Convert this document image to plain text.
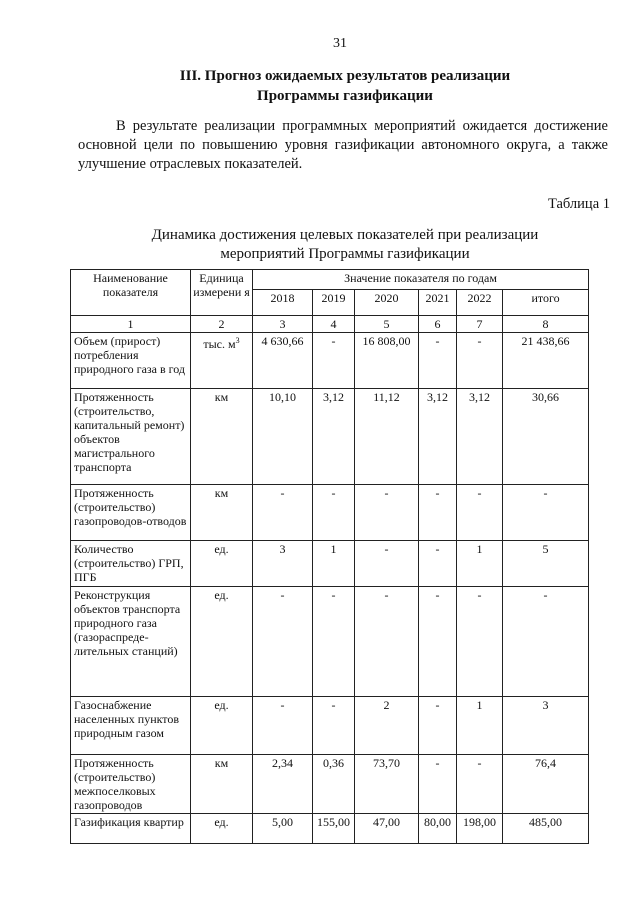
31
III. Прогноз ожидаемых результатов реализации
Программы газификации
В результате реализации программных мероприятий ожидается достижение основной цели по повышению уровня газификации автономного округа, а также улучшение отраслевых показателей.
Таблица 1
Динамика достижения целевых показателей при реализации
мероприятий Программы газификации
Наименование показателя	Единица измерени я	Значение показателя по годам					
		2018	2019	2020	2021	2022	итого
1	2	3	4	5	6	7	8
Объем (прирост) потребления природного газа в год	тыс. $м^3$	4 630,66	-	16 808,00	-	-	21 438,66
Протяженность (строительство, капитальный ремонт) объектов магистрального транспорта	км	10,10	3,12	11,12	3,12	3,12	30,66
Протяженность (строительство) газопроводов-отводов	км	-	-	-	-	-	-
Количество (строительство) ГРП, ПГБ	ед.	3	1	-	-	1	5
Реконструкция объектов транспорта природного газа (газораспреде-лительных станций)	ед.	-	-	-	-	-	-
Газоснабжение населенных пунктов природным газом	ед.	-	-	2	-	1	3
Протяженность (строительство) межпоселковых газопроводов	км	2,34	0,36	73,70	-	-	76,4
Газификация квартир	ед.	5,00	155,00	47,00	80,00	198,00	485,00
